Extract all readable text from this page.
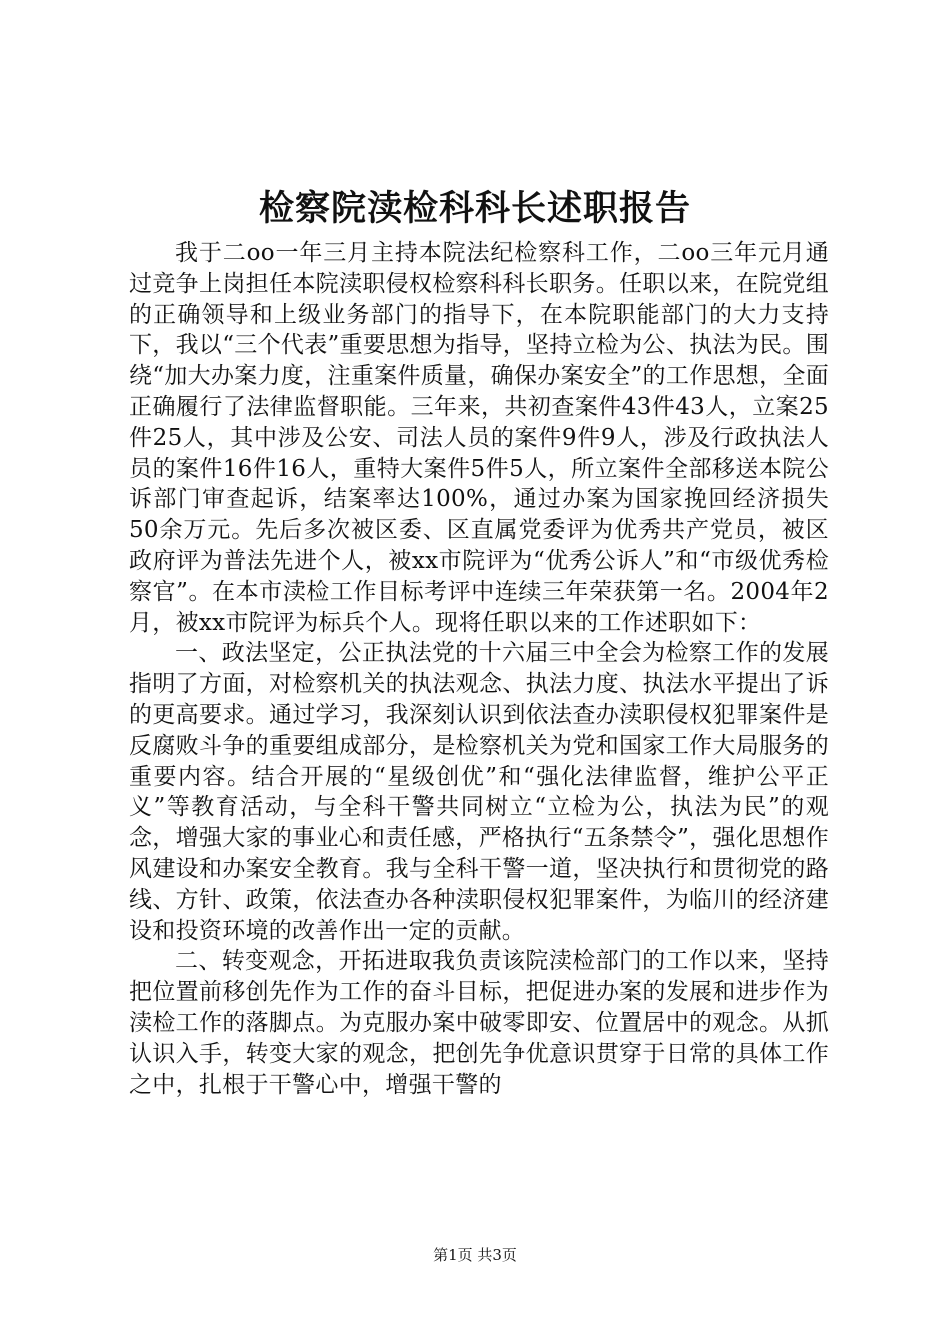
检察院渎检科科长述职报告

我于二oo一年三月主持本院法纪检察科工作，二oo三年元月通过竞争上岗担任本院渎职侵权检察科科长职务。任职以来，在院党组的正确领导和上级业务部门的指导下，在本院职能部门的大力支持下，我以“三个代表”重要思想为指导，坚持立检为公、执法为民。围绕“加大办案力度，注重案件质量，确保办案安全”的工作思想，全面正确履行了法律监督职能。三年来，共初查案件43件43人，立案25件25人，其中涉及公安、司法人员的案件9件9人，涉及行政执法人员的案件16件16人，重特大案件5件5人，所立案件全部移送本院公诉部门审查起诉，结案率达100%，通过办案为国家挽回经济损失50余万元。先后多次被区委、区直属党委评为优秀共产党员，被区政府评为普法先进个人，被xx市院评为“优秀公诉人”和“市级优秀检察官”。在本市渎检工作目标考评中连续三年荣获第一名。2004年2月，被xx市院评为标兵个人。现将任职以来的工作述职如下：

一、政法坚定，公正执法党的十六届三中全会为检察工作的发展指明了方面，对检察机关的执法观念、执法力度、执法水平提出了诉的更高要求。通过学习，我深刻认识到依法查办渎职侵权犯罪案件是反腐败斗争的重要组成部分，是检察机关为党和国家工作大局服务的重要内容。结合开展的“星级创优”和“强化法律监督，维护公平正义”等教育活动，与全科干警共同树立“立检为公，执法为民”的观念，增强大家的事业心和责任感，严格执行“五条禁令”，强化思想作风建设和办案安全教育。我与全科干警一道，坚决执行和贯彻党的路线、方针、政策，依法查办各种渎职侵权犯罪案件，为临川的经济建设和投资环境的改善作出一定的贡献。

二、转变观念，开拓进取我负责该院渎检部门的工作以来，坚持把位置前移创先作为工作的奋斗目标，把促进办案的发展和进步作为渎检工作的落脚点。为克服办案中破零即安、位置居中的观念。从抓认识入手，转变大家的观念，把创先争优意识贯穿于日常的具体工作之中，扎根于干警心中，增强干警的

第1页 共3页
